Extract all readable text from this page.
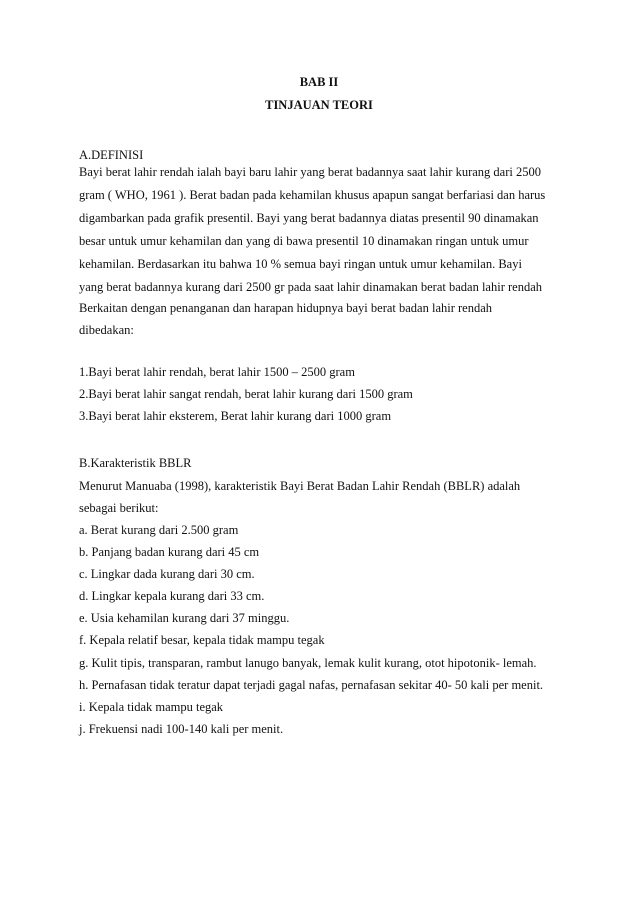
BAB II
TINJAUAN TEORI
A.DEFINISI
Bayi berat lahir rendah ialah bayi baru lahir yang berat badannya saat lahir kurang dari 2500
gram ( WHO, 1961 ). Berat badan pada kehamilan khusus apapun sangat berfariasi dan harus
digambarkan pada grafik presentil. Bayi yang berat badannya diatas presentil 90 dinamakan
besar untuk umur kehamilan dan yang di bawa presentil 10 dinamakan ringan untuk umur
kehamilan. Berdasarkan itu bahwa 10 % semua bayi ringan untuk umur kehamilan. Bayi
yang berat badannya kurang dari 2500 gr pada saat lahir dinamakan berat badan lahir rendah
Berkaitan dengan penanganan dan harapan hidupnya bayi berat badan lahir rendah
dibedakan:
1.Bayi berat lahir rendah, berat lahir 1500 – 2500 gram
2.Bayi berat lahir sangat rendah, berat lahir kurang dari 1500 gram
3.Bayi berat lahir eksterem, Berat lahir kurang dari 1000 gram
B.Karakteristik BBLR
Menurut Manuaba (1998), karakteristik Bayi Berat Badan Lahir Rendah (BBLR) adalah
sebagai berikut:
a. Berat kurang dari 2.500 gram
b. Panjang badan kurang dari 45 cm
c. Lingkar dada kurang dari 30 cm.
d. Lingkar kepala kurang dari 33 cm.
e. Usia kehamilan kurang dari 37 minggu.
f. Kepala relatif besar, kepala tidak mampu tegak
g. Kulit tipis, transparan, rambut lanugo banyak, lemak kulit kurang, otot hipotonik- lemah.
h. Pernafasan tidak teratur dapat terjadi gagal nafas, pernafasan sekitar 40- 50 kali per menit.
i. Kepala tidak mampu tegak
j. Frekuensi nadi 100-140 kali per menit.
